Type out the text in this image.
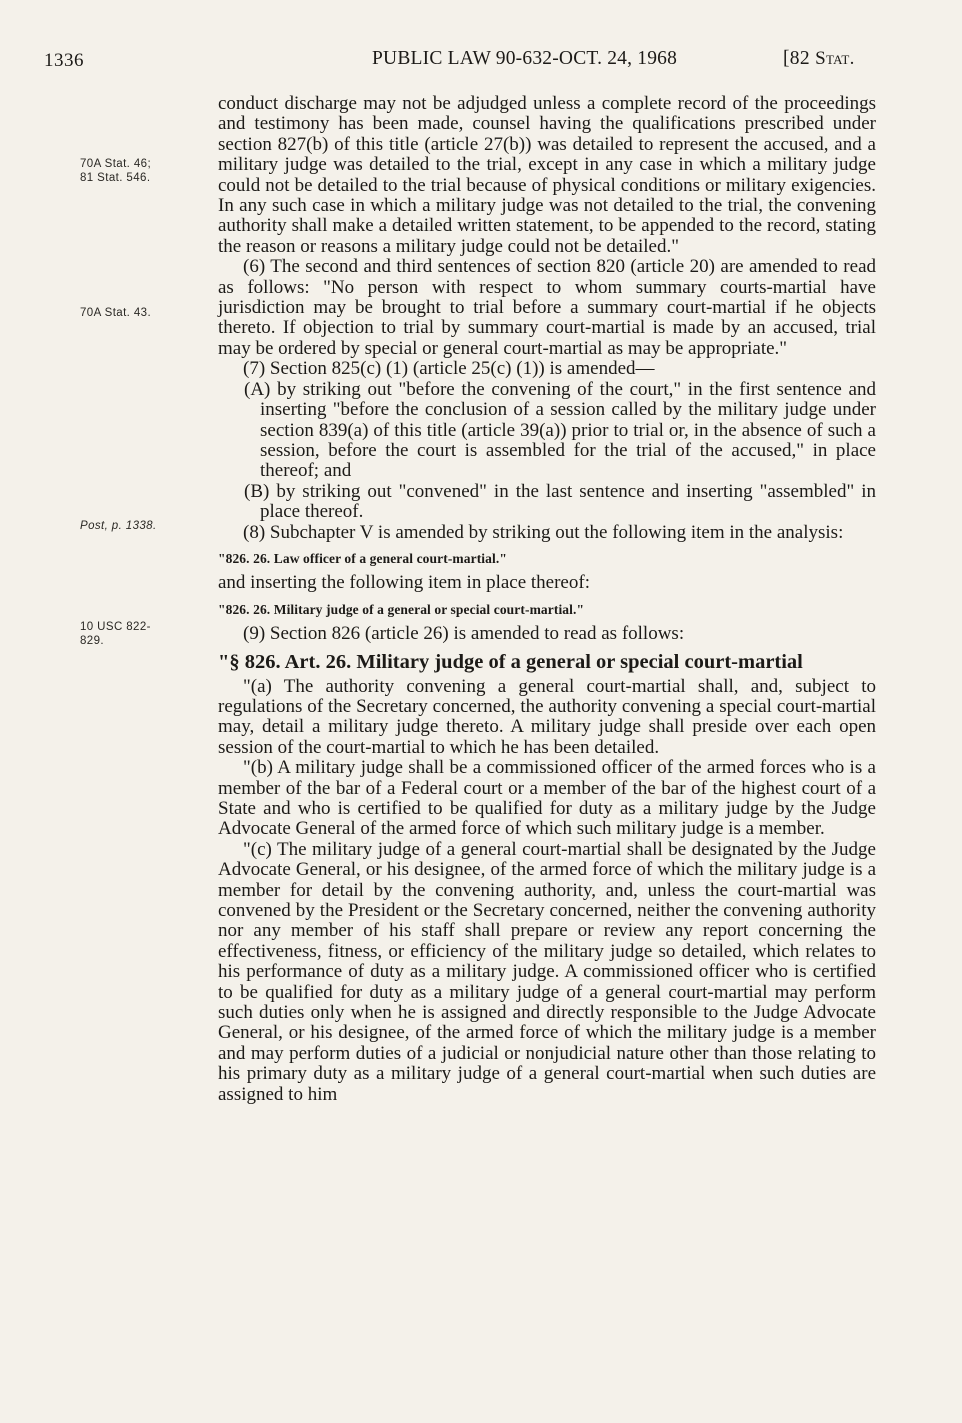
1336	PUBLIC LAW 90-632-OCT. 24, 1968	[82 Stat.
70A Stat. 46;
81 Stat. 546.
70A Stat. 43.
Post, p. 1338.
10 USC 822-
829.

conduct discharge may not be adjudged unless a complete record of the proceedings and testimony has been made, counsel having the qualifications prescribed under section 827(b) of this title (article 27(b)) was detailed to represent the accused, and a military judge was detailed to the trial, except in any case in which a military judge could not be detailed to the trial because of physical conditions or military exigencies. In any such case in which a military judge was not detailed to the trial, the convening authority shall make a detailed written statement, to be appended to the record, stating the reason or reasons a military judge could not be detailed."

(6) The second and third sentences of section 820 (article 20) are amended to read as follows: "No person with respect to whom summary courts-martial have jurisdiction may be brought to trial before a summary court-martial if he objects thereto. If objection to trial by summary court-martial is made by an accused, trial may be ordered by special or general court-martial as may be appropriate."

(7) Section 825(c) (1) (article 25(c) (1)) is amended—

(A) by striking out "before the convening of the court," in the first sentence and inserting "before the conclusion of a session called by the military judge under section 839(a) of this title (article 39(a)) prior to trial or, in the absence of such a session, before the court is assembled for the trial of the accused," in place thereof; and

(B) by striking out "convened" in the last sentence and inserting "assembled" in place thereof.

(8) Subchapter V is amended by striking out the following item in the analysis:

"826. 26. Law officer of a general court-martial."

and inserting the following item in place thereof:

"826. 26. Military judge of a general or special court-martial."

(9) Section 826 (article 26) is amended to read as follows:

"§ 826. Art. 26. Military judge of a general or special court-martial

"(a) The authority convening a general court-martial shall, and, subject to regulations of the Secretary concerned, the authority convening a special court-martial may, detail a military judge thereto. A military judge shall preside over each open session of the court-martial to which he has been detailed.

"(b) A military judge shall be a commissioned officer of the armed forces who is a member of the bar of a Federal court or a member of the bar of the highest court of a State and who is certified to be qualified for duty as a military judge by the Judge Advocate General of the armed force of which such military judge is a member.

"(c) The military judge of a general court-martial shall be designated by the Judge Advocate General, or his designee, of the armed force of which the military judge is a member for detail by the convening authority, and, unless the court-martial was convened by the President or the Secretary concerned, neither the convening authority nor any member of his staff shall prepare or review any report concerning the effectiveness, fitness, or efficiency of the military judge so detailed, which relates to his performance of duty as a military judge. A commissioned officer who is certified to be qualified for duty as a military judge of a general court-martial may perform such duties only when he is assigned and directly responsible to the Judge Advocate General, or his designee, of the armed force of which the military judge is a member and may perform duties of a judicial or nonjudicial nature other than those relating to his primary duty as a military judge of a general court-martial when such duties are assigned to him
